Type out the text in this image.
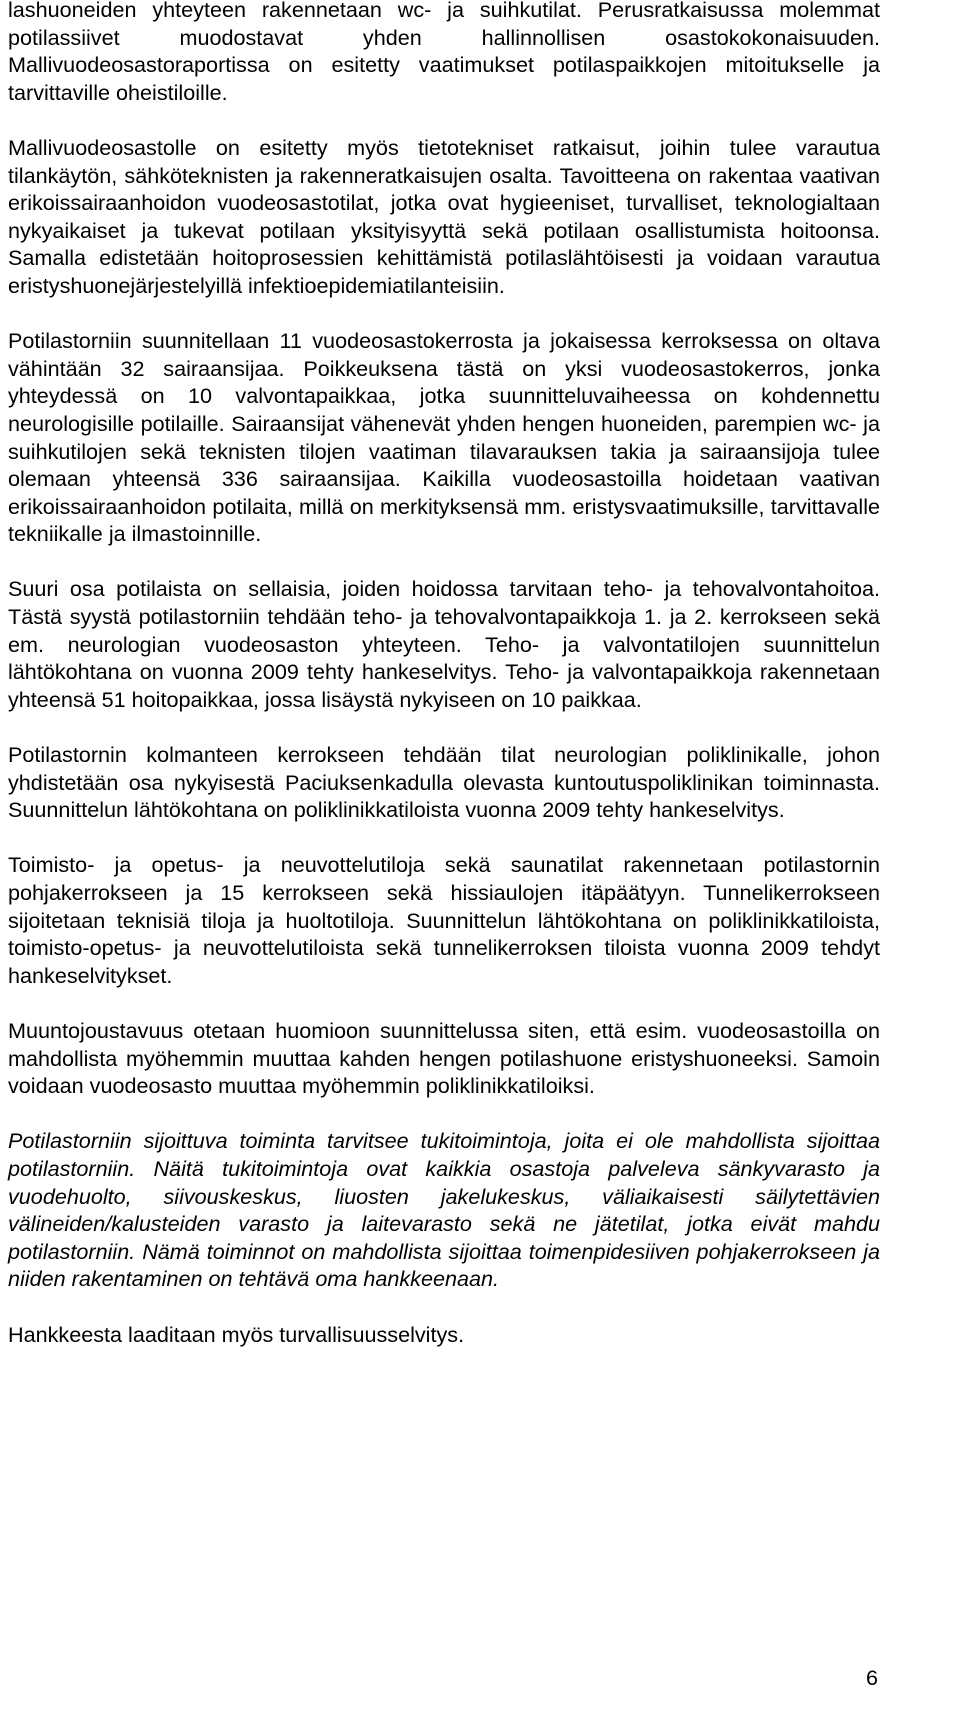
lashuoneiden yhteyteen rakennetaan wc- ja suihkutilat. Perusratkaisussa molemmat potilassiivet muodostavat yhden hallinnollisen osastokokonaisuuden. Mallivuodeosastoraportissa on esitetty vaatimukset potilaspaikkojen mitoitukselle ja tarvittaville oheistiloille.

Mallivuodeosastolle on esitetty myös tietotekniset ratkaisut, joihin tulee varautua tilankäytön, sähköteknisten ja rakenneratkaisujen osalta. Tavoitteena on rakentaa vaativan erikoissairaanhoidon vuodeosastotilat, jotka ovat hygieeniset, turvalliset, teknologialtaan nykyaikaiset ja tukevat potilaan yksityisyyttä sekä potilaan osallistumista hoitoonsa. Samalla edistetään hoitoprosessien kehittämistä potilaslähtöisesti ja voidaan varautua eristyshuonejärjestelyillä infektioepidemiatilanteisiin.

Potilastorniin suunnitellaan 11 vuodeosastokerrosta ja jokaisessa kerroksessa on oltava vähintään 32 sairaansijaa. Poikkeuksena tästä on yksi vuodeosastokerros, jonka yhteydessä on 10 valvontapaikkaa, jotka suunnitteluvaiheessa on kohdennettu neurologisille potilaille. Sairaansijat vähenevät yhden hengen huoneiden, parempien wc- ja suihkutilojen sekä teknisten tilojen vaatiman tilavarauksen takia ja sairaansijoja tulee olemaan yhteensä 336 sairaansijaa. Kaikilla vuodeosastoilla hoidetaan vaativan erikoissairaanhoidon potilaita, millä on merkityksensä mm. eristysvaatimuksille, tarvittavalle tekniikalle ja ilmastoinnille.

Suuri osa potilaista on sellaisia, joiden hoidossa tarvitaan teho- ja tehovalvontahoitoa. Tästä syystä potilastorniin tehdään teho- ja tehovalvontapaikkoja 1. ja 2. kerrokseen sekä em. neurologian vuodeosaston yhteyteen. Teho- ja valvontatilojen suunnittelun lähtökohtana on vuonna 2009 tehty hankeselvitys. Teho- ja valvontapaikkoja rakennetaan yhteensä 51 hoitopaikkaa, jossa lisäystä nykyiseen on 10 paikkaa.

Potilastornin kolmanteen kerrokseen tehdään tilat neurologian poliklinikalle, johon yhdistetään osa nykyisestä Paciuksenkadulla olevasta kuntoutuspoliklinikan toiminnasta. Suunnittelun lähtökohtana on poliklinikkatiloista vuonna 2009 tehty hankeselvitys.

Toimisto- ja opetus- ja neuvottelutiloja sekä saunatilat rakennetaan potilastornin pohjakerrokseen ja 15 kerrokseen sekä hissiaulojen itäpäätyyn. Tunnelikerrokseen sijoitetaan teknisiä tiloja ja huoltotiloja. Suunnittelun lähtökohtana on poliklinikkatiloista, toimisto-opetus- ja neuvottelutiloista sekä tunnelikerroksen tiloista vuonna 2009 tehdyt hankeselvitykset.

Muuntojoustavuus otetaan huomioon suunnittelussa siten, että esim. vuodeosastoilla on mahdollista myöhemmin muuttaa kahden hengen potilashuone eristyshuoneeksi. Samoin voidaan vuodeosasto muuttaa myöhemmin poliklinikkatiloiksi.

Potilastorniin sijoittuva toiminta tarvitsee tukitoimintoja, joita ei ole mahdollista sijoittaa potilastorniin. Näitä tukitoimintoja ovat kaikkia osastoja palveleva sänkyvarasto ja vuodehuolto, siivouskeskus, liuosten jakelukeskus, väliaikaisesti säilytettävien välineiden/kalusteiden varasto ja laitevarasto sekä ne jätetilat, jotka eivät mahdu potilastorniin. Nämä toiminnot on mahdollista sijoittaa toimenpidesiiven pohjakerrokseen ja niiden rakentaminen on tehtävä oma hankkeenaan.

Hankkeesta laaditaan myös turvallisuusselvitys.

6
